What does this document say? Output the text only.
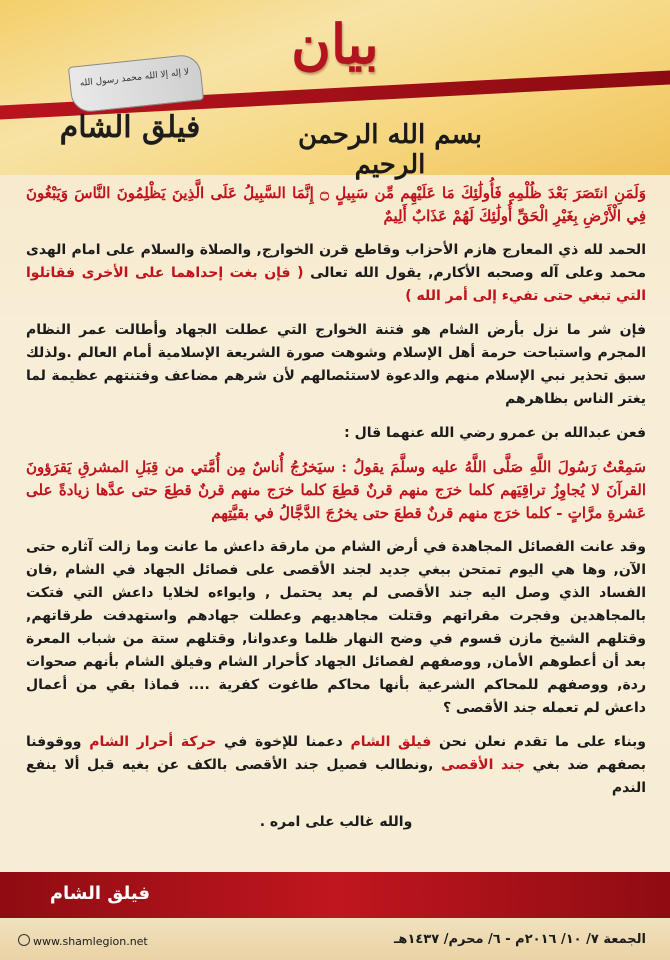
بيان
لا إله إلا الله محمد رسول الله
فيلق الشام	بسم الله الرحمن الرحيم

وَلَمَنِ انتَصَرَ بَعْدَ ظُلْمِهِ فَأُولَٰئِكَ مَا عَلَيْهِم مِّن سَبِيلٍ ۝ إِنَّمَا السَّبِيلُ عَلَى الَّذِينَ يَظْلِمُونَ النَّاسَ وَيَبْغُونَ فِي الْأَرْضِ بِغَيْرِ الْحَقِّ أُولَٰئِكَ لَهُمْ عَذَابٌ أَلِيمٌ

الحمد لله ذي المعارج هازم الأحزاب وقاطع قرن الخوارج, والصلاة والسلام على امام الهدى محمد وعلى آله وصحبه الأكارم, يقول الله تعالى ( فإن بغت إحداهما على الأخرى فقاتلوا التي تبغي حتى تفيء إلى أمر الله )

فإن شر ما نزل بأرض الشام هو فتنة الخوارج التي عطلت الجهاد وأطالت عمر النظام المجرم واستباحت حرمة أهل الإسلام وشوهت صورة الشريعة الإسلامية أمام العالم .ولذلك سبق تحذير نبي الإسلام منهم والدعوة لاستئصالهم لأن شرهم مضاعف وفتنتهم عظيمة لما يغتر الناس بظاهرهم

فعن عبدالله بن عمرو رضي الله عنهما قال :

سَمِعْتُ رَسُولَ اللَّهِ صَلَّى اللَّهُ عليه وسلَّمَ يقولُ : سيَخرُجُ أُناسٌ مِن أُمَّتي من قِبَلِ المشرقِ يَقرَؤونَ القرآنَ لا يُجاوِزُ تراقِيَهم كلما خرَج منهم قرنٌ قطِعَ كلما خرَج منهم قرنٌ قطِعَ حتى عدَّها زيادةً على عَشرةِ مرَّاتٍ - كلما خرَج منهم قرنٌ قطعَ حتى يخرُجَ الدَّجَّالُ في بقيَّتِهم

وقد عانت الفصائل المجاهدة في أرض الشام من مارقة داعش ما عانت وما زالت آثاره حتى الآن, وها هي اليوم تمتحن ببغي جديد لجند الأقصى على فصائل الجهاد في الشام ,فان الفساد الذي وصل اليه جند الأقصى لم يعد يحتمل , وايواءه لخلايا داعش التي فتكت بالمجاهدين وفجرت مقراتهم وقتلت مجاهديهم وعطلت جهادهم واستهدفت طرقاتهم, وقتلهم الشيخ مازن قسوم في وضح النهار ظلما وعدوانا, وقتلهم ستة من شباب المعرة بعد أن أعطوهم الأمان, ووصفهم لفصائل الجهاد كأحرار الشام وفيلق الشام بأنهم صحوات ردة, ووصفهم للمحاكم الشرعية بأنها محاكم طاغوت كفرية .... فماذا بقي من أعمال داعش لم تعمله جند الأقصى ؟

وبناء على ما تقدم نعلن نحن فيلق الشام دعمنا للإخوة في حركة أحرار الشام ووقوفنا بصفهم ضد بغي جند الأقصى ,ونطالب فصيل جند الأقصى بالكف عن بغيه قبل ألا ينفع الندم

والله غالب على امره .

فيلق الشام
الجمعة ٧/ ١٠/ ٢٠١٦م - ٦/ محرم/ ١٤٣٧هـ
www.shamlegion.net
